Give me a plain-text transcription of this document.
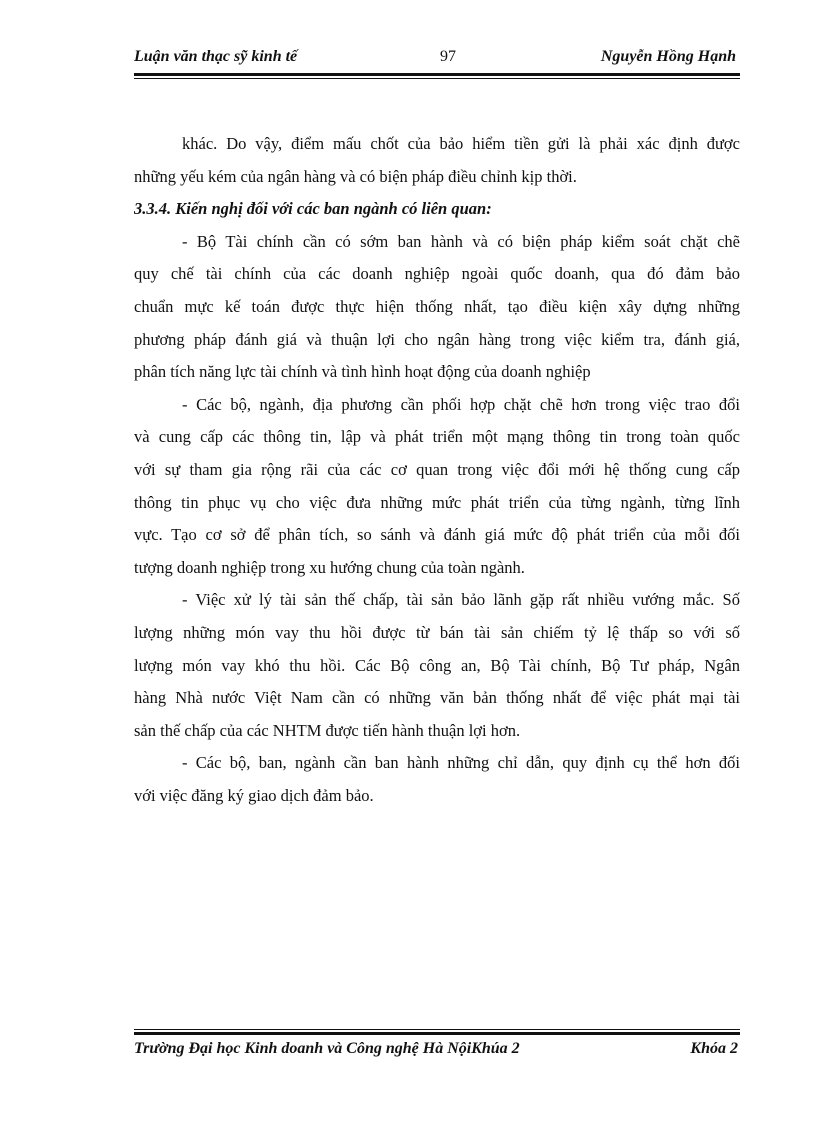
Luận văn thạc sỹ kinh tế	97	Nguyễn Hồng Hạnh
khác. Do vậy, điểm mấu chốt của bảo hiểm tiền gửi là phải xác định được
những yếu kém của ngân hàng và có biện pháp điều chỉnh kịp thời.
3.3.4. Kiến nghị đối với các ban ngành có liên quan:
- Bộ Tài chính cần có sớm ban hành và có biện pháp kiểm soát chặt chẽ
quy chế tài chính của các doanh nghiệp ngoài quốc doanh, qua đó đảm bảo
chuẩn mực kế toán được thực hiện thống nhất, tạo điều kiện xây dựng những
phương pháp đánh giá và thuận lợi cho ngân hàng trong việc kiểm tra, đánh giá,
phân tích năng lực tài chính và tình hình hoạt động của doanh nghiệp
- Các bộ, ngành, địa phương cần phối hợp chặt chẽ hơn trong việc trao đổi
và cung cấp các thông tin, lập và phát triển một mạng thông tin trong toàn quốc
với sự tham gia rộng rãi của các cơ quan trong việc đổi mới hệ thống cung cấp
thông tin phục vụ cho việc đưa những mức phát triển của từng ngành, từng lĩnh
vực. Tạo cơ sở để phân tích, so sánh và đánh giá mức độ phát triển của mỗi đối
tượng doanh nghiệp trong xu hướng chung của toàn ngành.
- Việc xử lý tài sản thế chấp, tài sản bảo lãnh gặp rất nhiều vướng mắc. Số
lượng những món vay thu hồi được từ bán tài sản chiếm tỷ lệ thấp so với số
lượng món vay khó thu hồi. Các Bộ công an, Bộ Tài chính, Bộ Tư pháp, Ngân
hàng Nhà nước Việt Nam cần có những văn bản thống nhất để việc phát mại tài
sản thế chấp của các NHTM được tiến hành thuận lợi hơn.
- Các bộ, ban, ngành cần ban hành những chỉ dẫn, quy định cụ thể hơn đối
với việc đăng ký giao dịch đảm bảo.
Trường Đại học Kinh doanh và Công nghệ Hà NộiKhúa 2	Khóa 2
